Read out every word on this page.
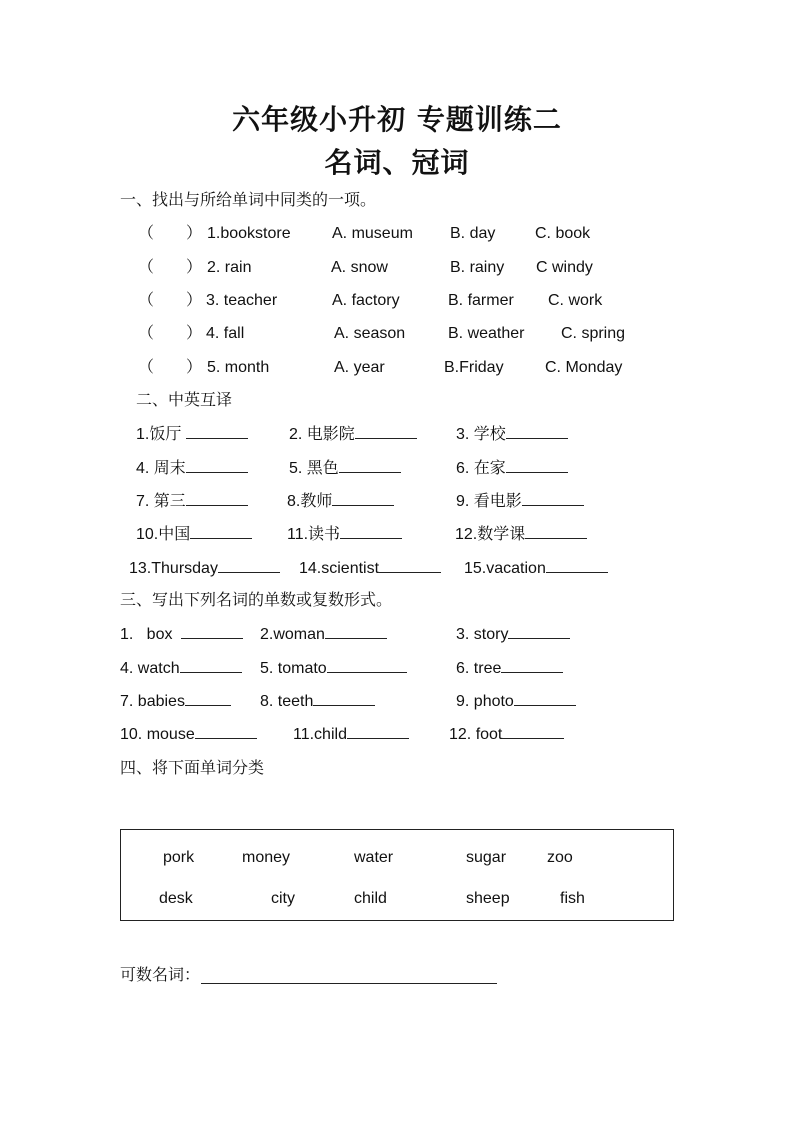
六年级小升初 专题训练二
名词、冠词
一、找出与所给单词中同类的一项。
（　　） 1.bookstore	A. museum B. day C. book
（　　） 2. rain	A. snow	B. rainy C windy
（　　） 3. teacher	A. factory	B. farmer C. work
（　　） 4. fall	A. season	B. weather C. spring
（　　） 5. month	A. year	B.Friday	C. Monday
二、中英互译
1.饭厅	2. 电影院	3. 学校
4. 周末	5. 黑色	6. 在家
7. 第三	8.教师	9. 看电影
10.中国	11.读书	12.数学课
13.Thursday	14.scientist	15.vacation
三、写出下列名词的单数或复数形式。
1.   box	2.woman	3. story
4. watch	5. tomato	6. tree
7. babies	8. teeth	9. photo
10. mouse	11.child	12. foot
四、将下面单词分类
pork	money	water	sugar	zoo
desk	city	child	sheep	fish
可数名词：
